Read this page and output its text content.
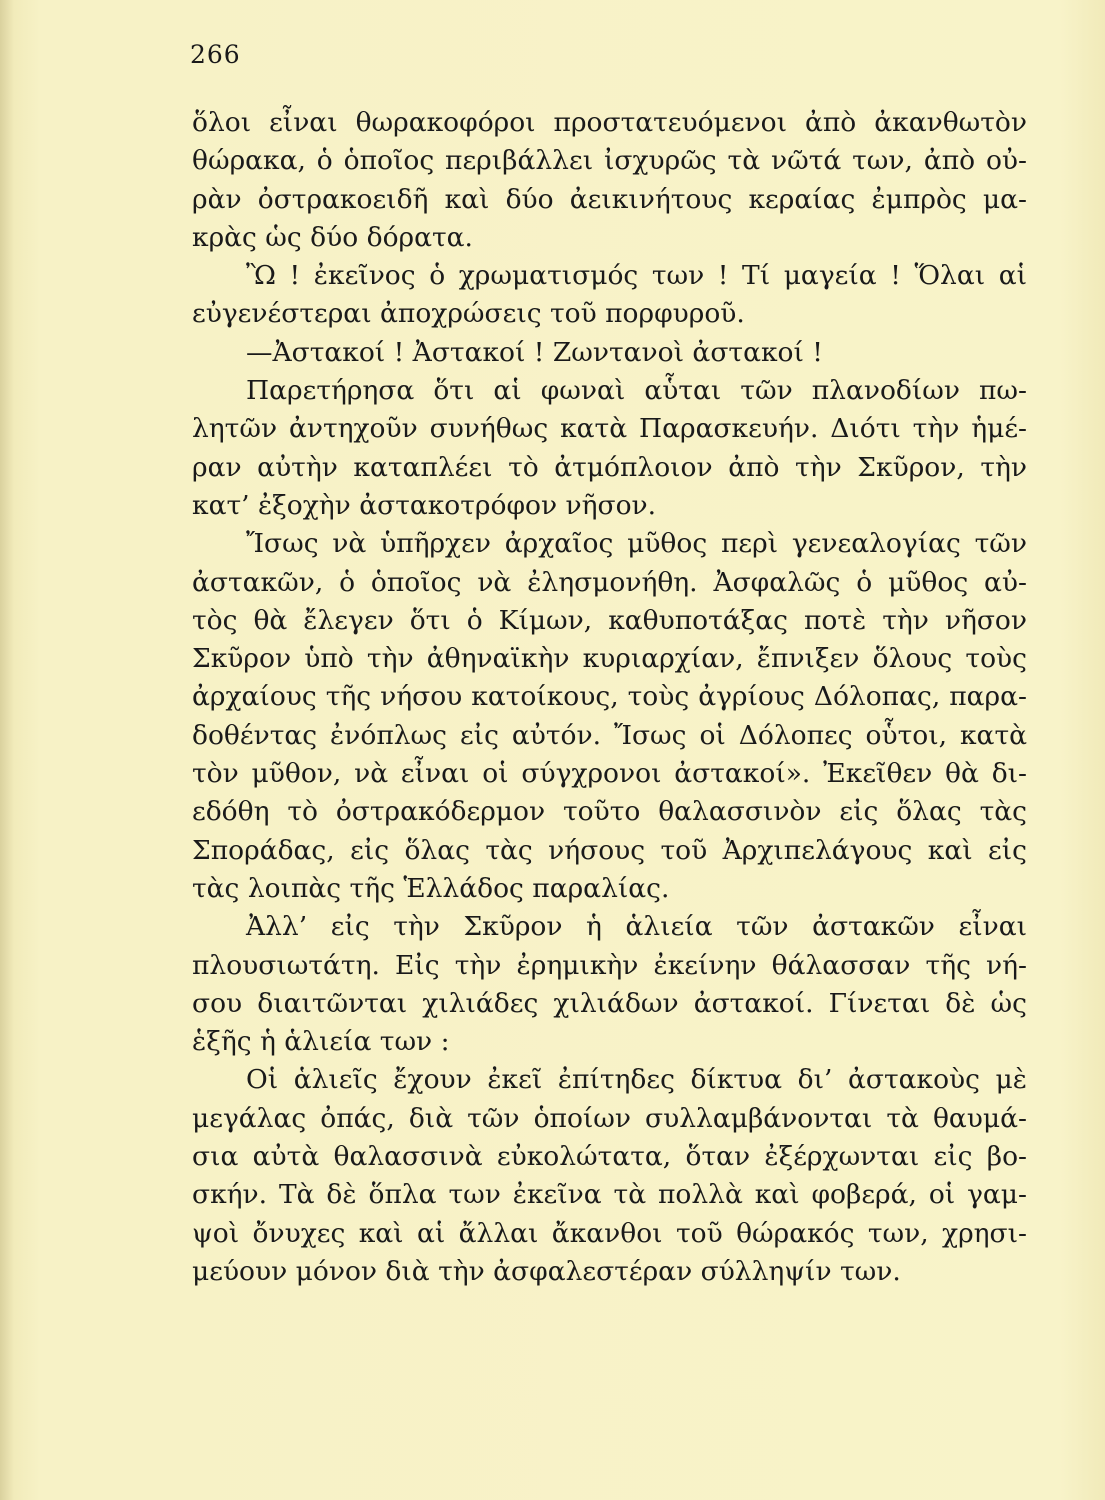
266
ὅλοι εἶναι θωρακοφόροι προστατευόμενοι ἀπὸ ἀκανθωτὸν
θώρακα, ὁ ὁποῖος περιβάλλει ἰσχυρῶς τὰ νῶτά των, ἀπὸ οὐ-
ρὰν ὀστρακοειδῆ καὶ δύο ἀεικινήτους κεραίας ἐμπρὸς μα-
κρὰς ὡς δύο δόρατα.
Ὢ ! ἐκεῖνος ὁ χρωματισμός των ! Τί μαγεία ! Ὅλαι αἱ
εὐγενέστεραι ἀποχρώσεις τοῦ πορφυροῦ.
—Ἀστακοί ! Ἀστακοί ! Ζωντανοὶ ἀστακοί !
Παρετήρησα ὅτι αἱ φωναὶ αὗται τῶν πλανοδίων πω-
λητῶν ἀντηχοῦν συνήθως κατὰ Παρασκευήν. Διότι τὴν ἡμέ-
ραν αὐτὴν καταπλέει τὸ ἀτμόπλοιον ἀπὸ τὴν Σκῦρον, τὴν
κατ’ ἐξοχὴν ἀστακοτρόφον νῆσον.
Ἴσως νὰ ὑπῆρχεν ἀρχαῖος μῦθος περὶ γενεαλογίας τῶν
ἀστακῶν, ὁ ὁποῖος νὰ ἐλησμονήθη. Ἀσφαλῶς ὁ μῦθος αὐ-
τὸς θὰ ἔλεγεν ὅτι ὁ Κίμων, καθυποτάξας ποτὲ τὴν νῆσον
Σκῦρον ὑπὸ τὴν ἀθηναϊκὴν κυριαρχίαν, ἔπνιξεν ὅλους τοὺς
ἀρχαίους τῆς νήσου κατοίκους, τοὺς ἀγρίους Δόλοπας, παρα-
δοθέντας ἐνόπλως εἰς αὐτόν. Ἴσως οἱ Δόλοπες οὗτοι, κατὰ
τὸν μῦθον, νὰ εἶναι οἱ σύγχρονοι ἀστακοί». Ἐκεῖθεν θὰ δι-
εδόθη τὸ ὀστρακόδερμον τοῦτο θαλασσινὸν εἰς ὅλας τὰς
Σποράδας, εἰς ὅλας τὰς νήσους τοῦ Ἀρχιπελάγους καὶ εἰς
τὰς λοιπὰς τῆς Ἑλλάδος παραλίας.
Ἀλλ’ εἰς τὴν Σκῦρον ἡ ἁλιεία τῶν ἀστακῶν εἶναι
πλουσιωτάτη. Εἰς τὴν ἐρημικὴν ἐκείνην θάλασσαν τῆς νή-
σου διαιτῶνται χιλιάδες χιλιάδων ἀστακοί. Γίνεται δὲ ὡς
ἑξῆς ἡ ἁλιεία των :
Οἱ ἁλιεῖς ἔχουν ἐκεῖ ἐπίτηδες δίκτυα δι’ ἀστακοὺς μὲ
μεγάλας ὀπάς, διὰ τῶν ὁποίων συλλαμβάνονται τὰ θαυμά-
σια αὐτὰ θαλασσινὰ εὐκολώτατα, ὅταν ἐξέρχωνται εἰς βο-
σκήν. Τὰ δὲ ὅπλα των ἐκεῖνα τὰ πολλὰ καὶ φοβερά, οἱ γαμ-
ψοὶ ὄνυχες καὶ αἱ ἄλλαι ἄκανθοι τοῦ θώρακός των, χρησι-
μεύουν μόνον διὰ τὴν ἀσφαλεστέραν σύλληψίν των.
